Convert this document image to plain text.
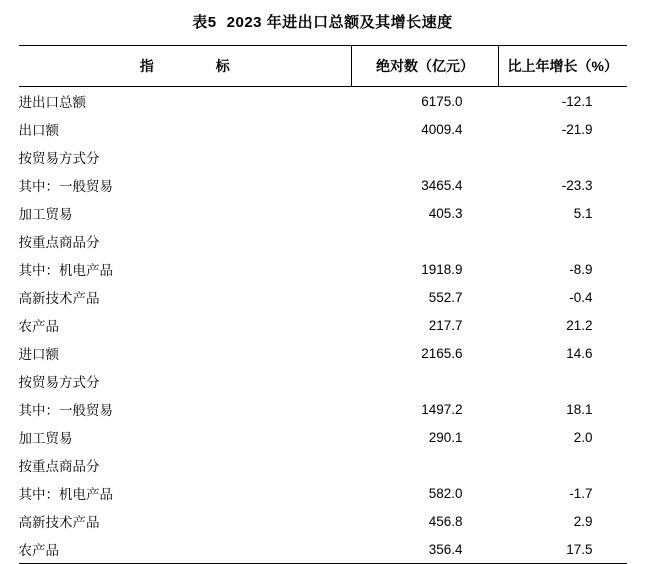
表5 2023 年进出口总额及其增长速度
指　标	绝对数（亿元）	比上年增长（%）
进出口总额	6175.0	-12.1
出口额	4009.4	-21.9
按贸易方式分		
其中：一般贸易	3465.4	-23.3
加工贸易	405.3	5.1
按重点商品分		
其中：机电产品	1918.9	-8.9
高新技术产品	552.7	-0.4
农产品	217.7	21.2
进口额	2165.6	14.6
按贸易方式分		
其中：一般贸易	1497.2	18.1
加工贸易	290.1	2.0
按重点商品分		
其中：机电产品	582.0	-1.7
高新技术产品	456.8	2.9
农产品	356.4	17.5
